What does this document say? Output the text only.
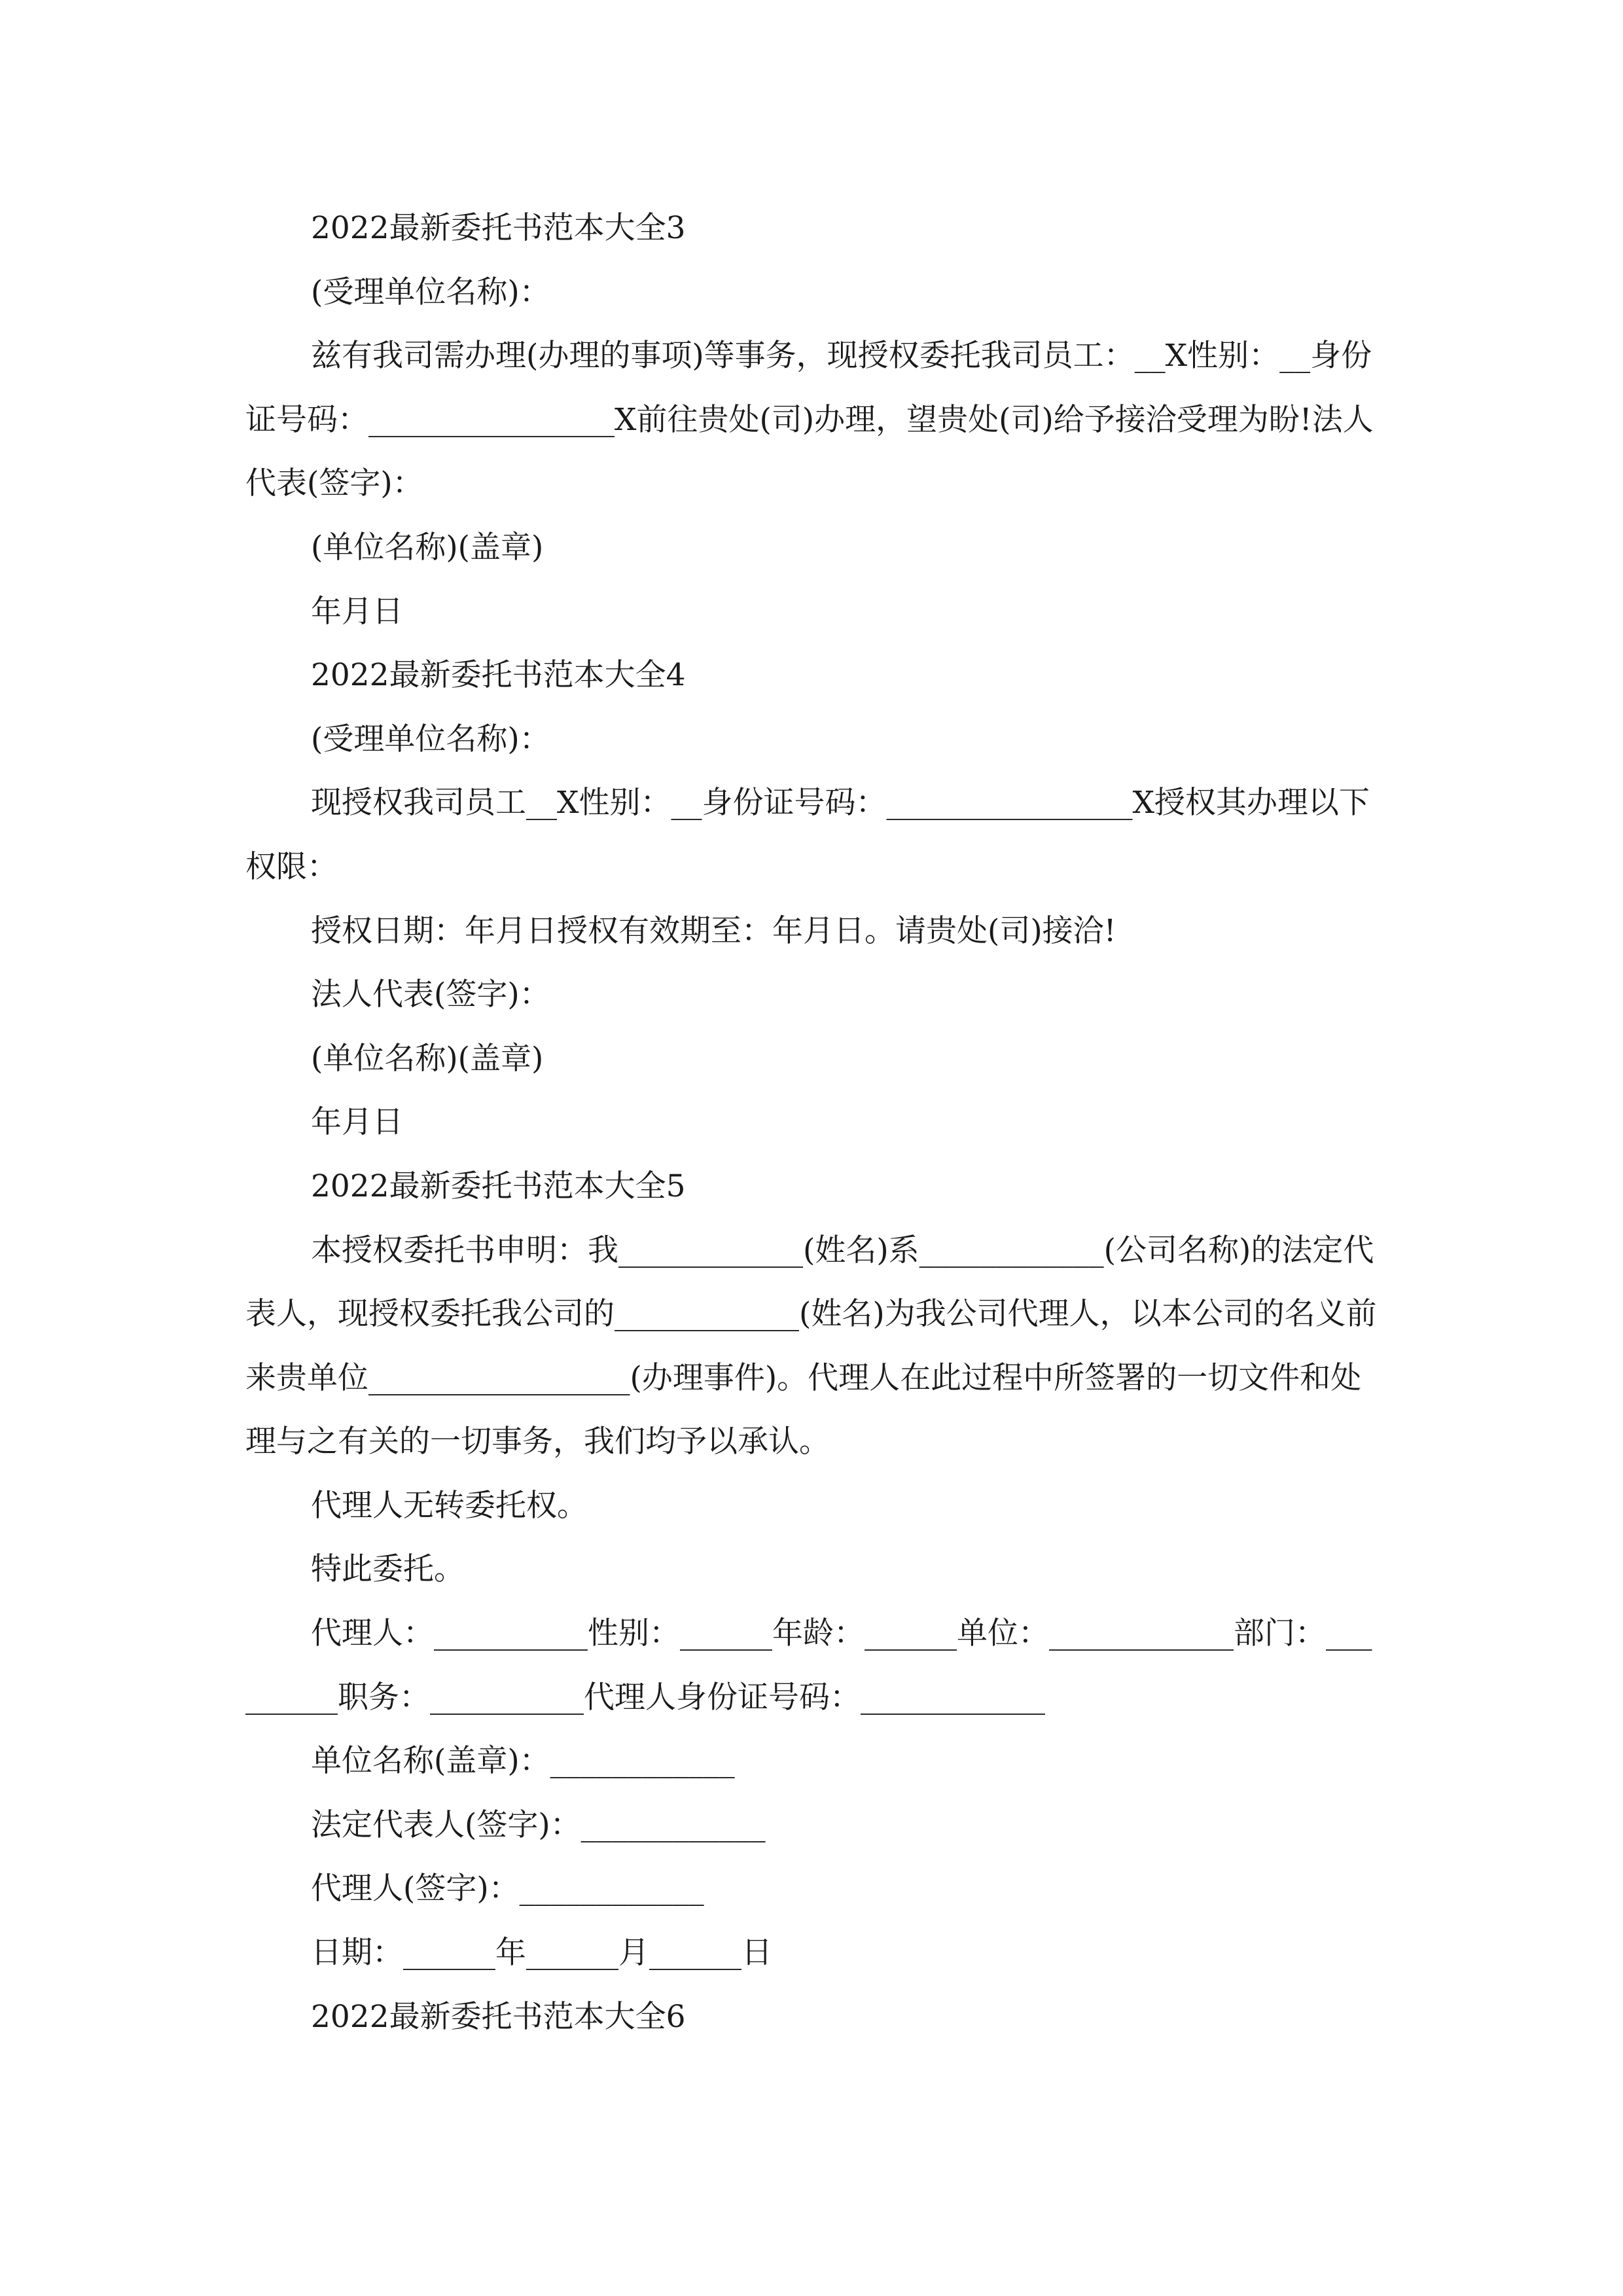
2022最新委托书范本大全3

(受理单位名称)：

兹有我司需办理(办理的事项)等事务，现授权委托我司员工：__X性别：__身份证号码：________________X前往贵处(司)办理，望贵处(司)给予接洽受理为盼!法人代表(签字)：

(单位名称)(盖章)

年月日

2022最新委托书范本大全4

(受理单位名称)：

现授权我司员工__X性别：__身份证号码：________________X授权其办理以下权限：

授权日期：年月日授权有效期至：年月日。请贵处(司)接洽!

法人代表(签字)：

(单位名称)(盖章)

年月日

2022最新委托书范本大全5

本授权委托书申明：我____________(姓名)系____________(公司名称)的法定代表人，现授权委托我公司的____________(姓名)为我公司代理人，以本公司的名义前来贵单位_________________(办理事件)。代理人在此过程中所签署的一切文件和处理与之有关的一切事务，我们均予以承认。

代理人无转委托权。

特此委托。

代理人：__________性别：______年龄：______单位：____________部门：_________职务：__________代理人身份证号码：____________

单位名称(盖章)：____________

法定代表人(签字)：____________

代理人(签字)：____________

日期：______年______月______日

2022最新委托书范本大全6
